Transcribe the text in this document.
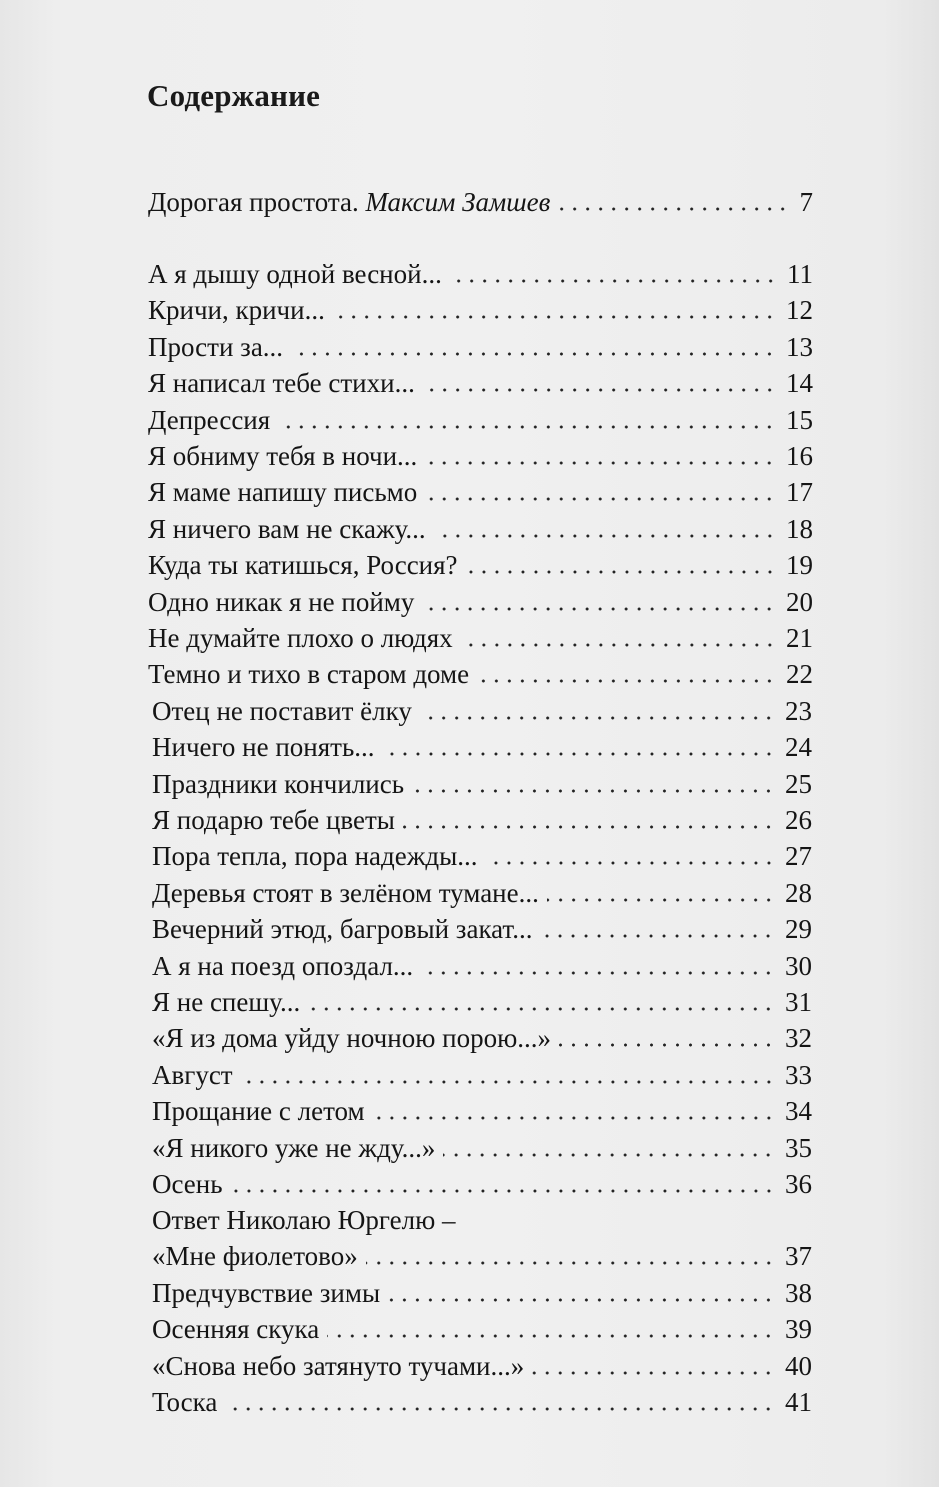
Содержание
Дорогая простота. Максим Замшев	7
А я дышу одной весной...	11
Кричи, кричи...	12
Прости за...	13
Я написал тебе стихи...	14
Депрессия	15
Я обниму тебя в ночи...	16
Я маме напишу письмо	17
Я ничего вам не скажу...	18
Куда ты катишься, Россия?	19
Одно никак я не пойму	20
Не думайте плохо о людях	21
Темно и тихо в старом доме	22
Отец не поставит ёлку	23
Ничего не понять...	24
Праздники кончились	25
Я подарю тебе цветы	26
Пора тепла, пора надежды...	27
Деревья стоят в зелёном тумане...	28
Вечерний этюд, багровый закат...	29
А я на поезд опоздал...	30
Я не спешу...	31
«Я из дома уйду ночною порою...»	32
Август	33
Прощание с летом	34
«Я никого уже не жду...»	35
Осень	36
Ответ Николаю Юргелю –
«Мне фиолетово»	37
Предчувствие зимы	38
Осенняя скука	39
«Снова небо затянуто тучами...»	40
Тоска	41
